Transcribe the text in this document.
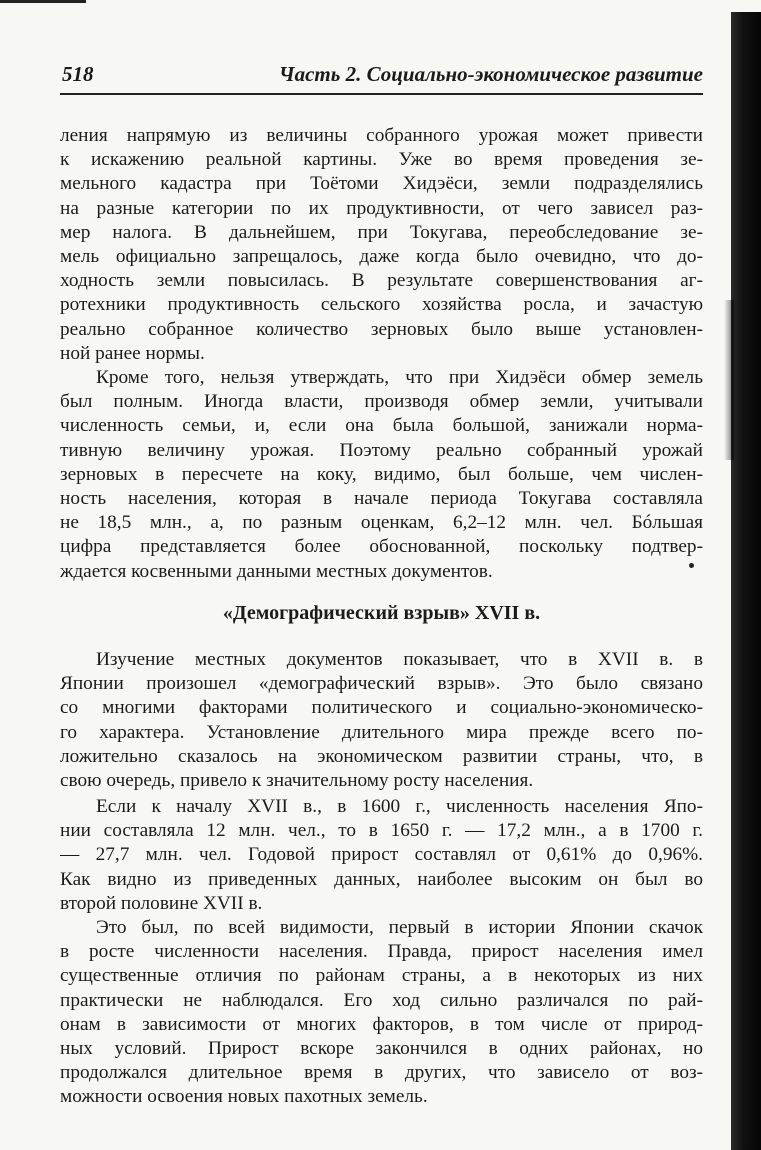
518	Часть 2. Социально-экономическое развитие
ления напрямую из величины собранного урожая может привести
к искажению реальной картины. Уже во время проведения зе-
мельного кадастра при Тоётоми Хидэёси, земли подразделялись
на разные категории по их продуктивности, от чего зависел раз-
мер налога. В дальнейшем, при Токугава, переобследование зе-
мель официально запрещалось, даже когда было очевидно, что до-
ходность земли повысилась. В результате совершенствования аг-
ротехники продуктивность сельского хозяйства росла, и зачастую
реально собранное количество зерновых было выше установлен-
ной ранее нормы.
Кроме того, нельзя утверждать, что при Хидэёси обмер земель
был полным. Иногда власти, производя обмер земли, учитывали
численность семьи, и, если она была большой, занижали норма-
тивную величину урожая. Поэтому реально собранный урожай
зерновых в пересчете на коку, видимо, был больше, чем числен-
ность населения, которая в начале периода Токугава составляла
не 18,5 млн., а, по разным оценкам, 6,2–12 млн. чел. Бóльшая
цифра представляется более обоснованной, поскольку подтвер-
ждается косвенными данными местных документов.
«Демографический взрыв» XVII в.
Изучение местных документов показывает, что в XVII в. в
Японии произошел «демографический взрыв». Это было связано
со многими факторами политического и социально-экономическо-
го характера. Установление длительного мира прежде всего по-
ложительно сказалось на экономическом развитии страны, что, в
свою очередь, привело к значительному росту населения.
Если к началу XVII в., в 1600 г., численность населения Япо-
нии составляла 12 млн. чел., то в 1650 г. — 17,2 млн., а в 1700 г.
— 27,7 млн. чел. Годовой прирост составлял от 0,61% до 0,96%.
Как видно из приведенных данных, наиболее высоким он был во
второй половине XVII в.
Это был, по всей видимости, первый в истории Японии скачок
в росте численности населения. Правда, прирост населения имел
существенные отличия по районам страны, а в некоторых из них
практически не наблюдался. Его ход сильно различался по рай-
онам в зависимости от многих факторов, в том числе от природ-
ных условий. Прирост вскоре закончился в одних районах, но
продолжался длительное время в других, что зависело от воз-
можности освоения новых пахотных земель.
